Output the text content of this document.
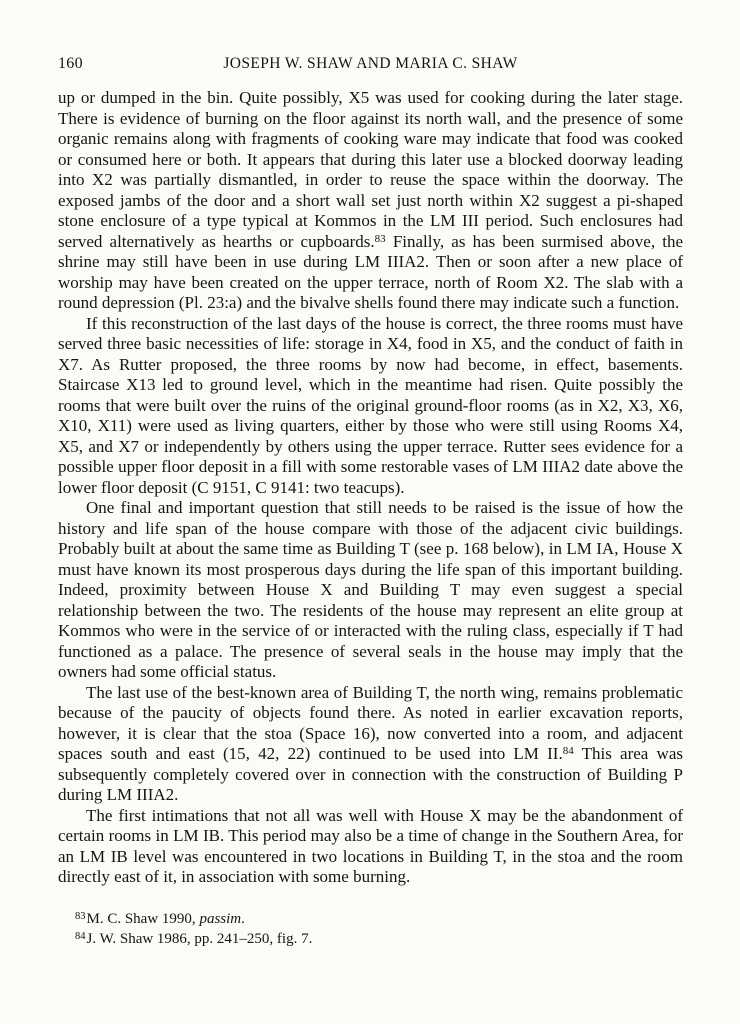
160	JOSEPH W. SHAW AND MARIA C. SHAW

up or dumped in the bin. Quite possibly, X5 was used for cooking during the later stage. There is evidence of burning on the floor against its north wall, and the presence of some organic remains along with fragments of cooking ware may indicate that food was cooked or consumed here or both. It appears that during this later use a blocked doorway leading into X2 was partially dismantled, in order to reuse the space within the doorway. The exposed jambs of the door and a short wall set just north within X2 suggest a pi-shaped stone enclosure of a type typical at Kommos in the LM III period. Such enclosures had served alternatively as hearths or cupboards.$^{83}$ Finally, as has been surmised above, the shrine may still have been in use during LM IIIA2. Then or soon after a new place of worship may have been created on the upper terrace, north of Room X2. The slab with a round depression (Pl. 23:a) and the bivalve shells found there may indicate such a function.

If this reconstruction of the last days of the house is correct, the three rooms must have served three basic necessities of life: storage in X4, food in X5, and the conduct of faith in X7. As Rutter proposed, the three rooms by now had become, in effect, basements. Staircase X13 led to ground level, which in the meantime had risen. Quite possibly the rooms that were built over the ruins of the original ground-floor rooms (as in X2, X3, X6, X10, X11) were used as living quarters, either by those who were still using Rooms X4, X5, and X7 or independently by others using the upper terrace. Rutter sees evidence for a possible upper floor deposit in a fill with some restorable vases of LM IIIA2 date above the lower floor deposit (C 9151, C 9141: two teacups).

One final and important question that still needs to be raised is the issue of how the history and life span of the house compare with those of the adjacent civic buildings. Probably built at about the same time as Building T (see p. 168 below), in LM IA, House X must have known its most prosperous days during the life span of this important building. Indeed, proximity between House X and Building T may even suggest a special relationship between the two. The residents of the house may represent an elite group at Kommos who were in the service of or interacted with the ruling class, especially if T had functioned as a palace. The presence of several seals in the house may imply that the owners had some official status.

The last use of the best-known area of Building T, the north wing, remains problematic because of the paucity of objects found there. As noted in earlier excavation reports, however, it is clear that the stoa (Space 16), now converted into a room, and adjacent spaces south and east (15, 42, 22) continued to be used into LM II.$^{84}$ This area was subsequently completely covered over in connection with the construction of Building P during LM IIIA2.

The first intimations that not all was well with House X may be the abandonment of certain rooms in LM IB. This period may also be a time of change in the Southern Area, for an LM IB level was encountered in two locations in Building T, in the stoa and the room directly east of it, in association with some burning.

$^{83}$M. C. Shaw 1990, passim.

$^{84}$J. W. Shaw 1986, pp. 241–250, fig. 7.
